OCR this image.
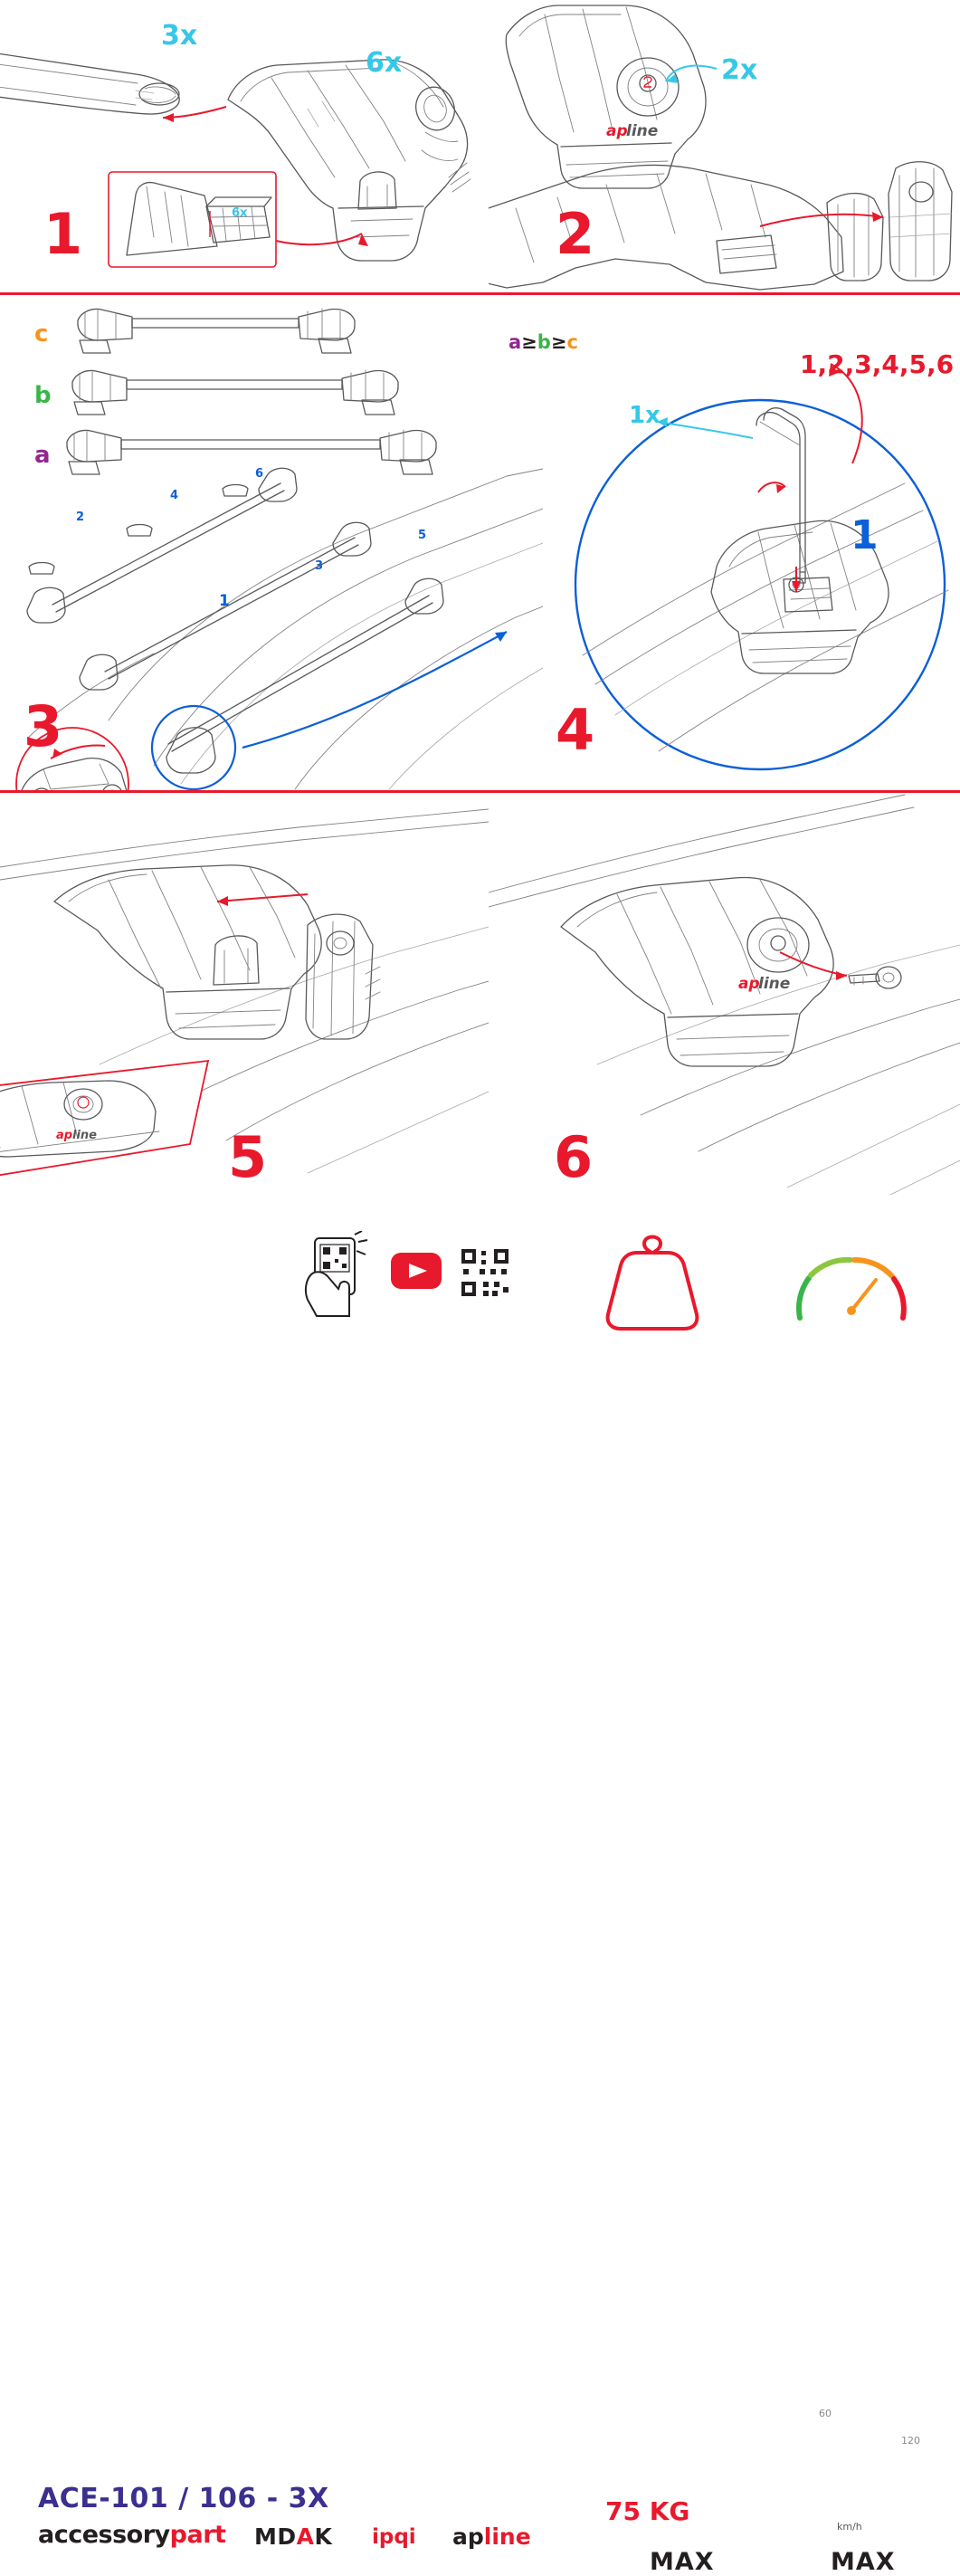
3x
6x
6x
1
ap
line
2x
2
c
b
a
a≥b≥c
1
2
3
4
5
6
3
1x
1,2,3,4,5,6
1
4
ap line 5
ap
line
6
ACE-101 / 106 - 3X
accessorypart MDAK ipqi apline
75 KG
MAX
60
120
km/h
MAX
